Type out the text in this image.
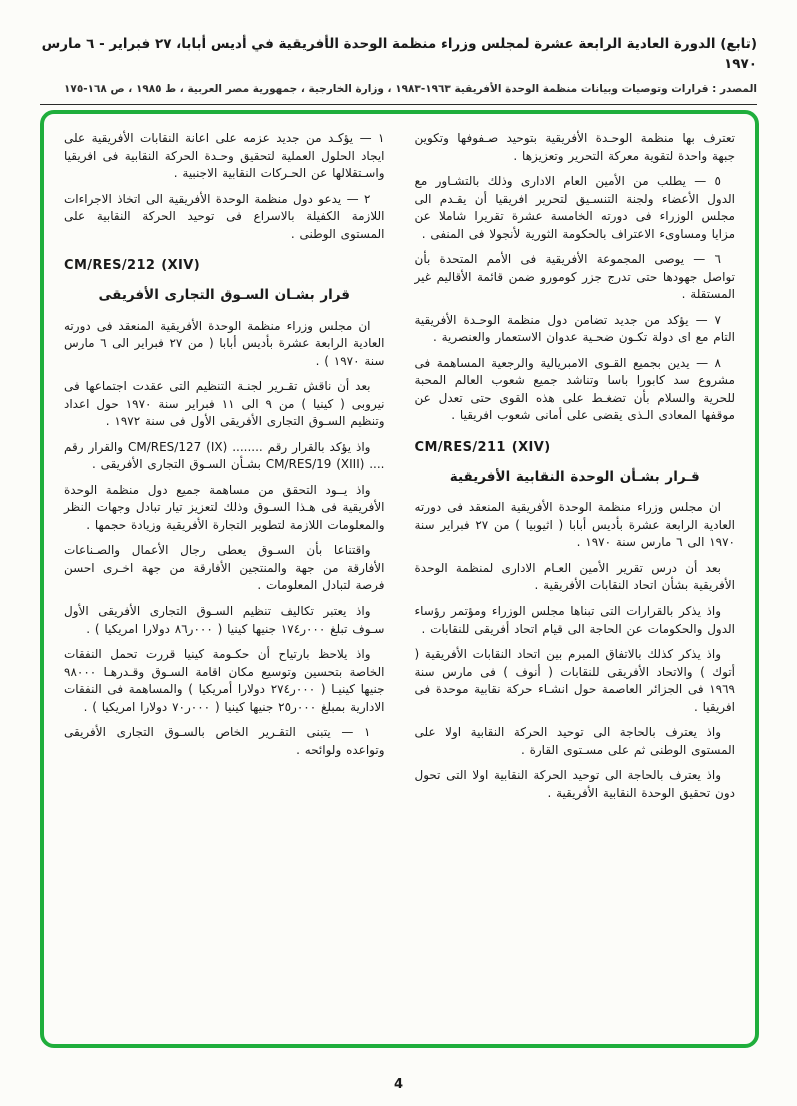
(تابع) الدورة العادية الرابعة عشرة لمجلس وزراء منظمة الوحدة الأفريقية في أديس أبابا، ٢٧ فبراير - ٦ مارس ١٩٧٠
المصدر : قرارات وتوصيات وبيانات منظمة الوحدة الأفريقية ١٩٦٣-١٩٨٣ ، وزارة الخارجية ، جمهورية مصر العربية ، ط ١٩٨٥ ، ص ١٦٨-١٧٥

تعترف بها منظمة الوحـدة الأفريقية بتوحيد صـفوفها وتكوين جبهة واحدة لتقوية معركة التحرير وتعزيزها .

٥ — يطلب من الأمين العام الادارى وذلك بالتشـاور مع الدول الأعضاء ولجنة التنسـيق لتحرير افريقيا أن يقـدم الى مجلس الوزراء فى دورته الخامسة عشرة تقريرا شاملا عن مزايا ومساوىء الاعتراف بالحكومة الثورية لأنجولا فى المنفى .

٦ — يوصى المجموعة الأفريقية فى الأمم المتحدة بأن تواصل جهودها حتى تدرج جزر كومورو ضمن قائمة الأقاليم غير المستقلة .

٧ — يؤكد من جديد تضامن دول منظمة الوحـدة الأفريقية التام مع اى دولة تكـون ضحـية عدوان الاستعمار والعنصرية .

٨ — يدين بجميع القـوى الامبريالية والرجعية المساهمة فى مشروع سد كابورا باسا وتناشد جميع شعوب العالم المحبة للحرية والسلام بأن تضغـط على هذه القوى حتى تعدل عن موقفها المعادى الـذى يقضى على أمانى شعوب افريقيا .

CM/RES/211 (XIV)

قـرار بشـأن الوحدة النقابية الأفريقية

ان مجلس وزراء منظمة الوحدة الأفريقية المنعقد فى دورته العادية الرابعة عشرة بأديس أبابا ( اثيوبيا ) من ٢٧ فبراير سنة ١٩٧٠ الى ٦ مارس سنة ١٩٧٠ .

بعد أن درس تقرير الأمين العـام الادارى لمنظمة الوحدة الأفريقية بشأن اتحاد النقابات الأفريقية .

واذ يذكر بالقرارات التى تبناها مجلس الوزراء ومؤتمر رؤساء الدول والحكومات عن الحاجة الى قيام اتحاد أفريقى للنقابات .

واذ يذكر كذلك بالاتفاق المبرم بين اتحاد النقابات الأفريقية ( أتوك ) والاتحاد الأفريقى للنقابات ( أنوف ) فى مارس سنة ١٩٦٩ فى الجزائر العاصمة حول انشـاء حركة نقابية موحدة فى افريقيا .

واذ يعترف بالحاجة الى توحيد الحركة النقابية اولا على المستوى الوطنى ثم على مسـتوى القارة .

واذ يعترف بالحاجة الى توحيد الحركة النقابية اولا التى تحول دون تحقيق الوحدة النقابية الأفريقية .

١ — يؤكـد من جديد عزمه على اعانة النقابات الأفريقية على ايجاد الحلول العملية لتحقيق وحـدة الحركة النقابية فى افريقيا واسـتقلالها عن الحـركات النقابية الاجنبية .

٢ — يدعو دول منظمة الوحدة الأفريقية الى اتخاذ الاجراءات اللازمة الكفيلة بالاسراع فى توحيد الحركة النقابية على المستوى الوطنى .

CM/RES/212 (XIV)

قرار بشـان السـوق التجارى الأفريقى

ان مجلس وزراء منظمة الوحدة الأفريقية المنعقد فى دورته العادية الرابعة عشرة بأديس أبابا ( من ٢٧ فبراير الى ٦ مارس سنة ١٩٧٠ ) .

بعد أن ناقش تقـرير لجنـة التنظيم التى عقدت اجتماعها فى نيروبى ( كينيا ) من ٩ الى ١١ فبراير سنة ١٩٧٠ حول اعداد وتنظيم السـوق التجارى الأفريقى الأول فى سنة ١٩٧٢ .

واذ يؤكد بالقرار رقم ........ CM/RES/127 (IX) والقرار رقم .... CM/RES/19 (XIII) بشـأن السـوق التجارى الأفريقى .

واذ يــود التحقق من مساهمة جميع دول منظمة الوحدة الأفريقية فى هـذا السـوق وذلك لتعزيز تيار تبادل وجهات النظر والمعلومات اللازمة لتطوير التجارة الأفريقية وزيادة حجمها .

واقتناعا بأن السـوق يعطى رجال الأعمال والصـناعات الأفارقة من جهة والمنتجين الأفارقة من جهة اخـرى احسن فرصة لتبادل المعلومات .

واذ يعتبر تكاليف تنظيم السـوق التجارى الأفريقى الأول سـوف تبلغ ٠٠٠ر١٧٤ جنيها كينيا ( ٠٠٠ر٨٦ دولارا امريكيا ) .

واذ يلاحظ بارتياح أن حكـومة كينيا قررت تحمل النفقات الخاصة بتحسين وتوسيع مكان اقامة السـوق وقـدرهـا ٩٨٠٠٠ جنيها كينيـا ( ٠٠٠ر٢٧٤ دولارا أمريكيا ) والمساهمة فى النفقات الادارية بمبلغ ٠٠٠ر٢٥ جنيها كينيا ( ٠٠٠ر٧٠ دولارا امريكيا ) .

١ — يتبنى التقـرير الخاص بالسـوق التجارى الأفريقى وتواعده ولوائحه .

4
